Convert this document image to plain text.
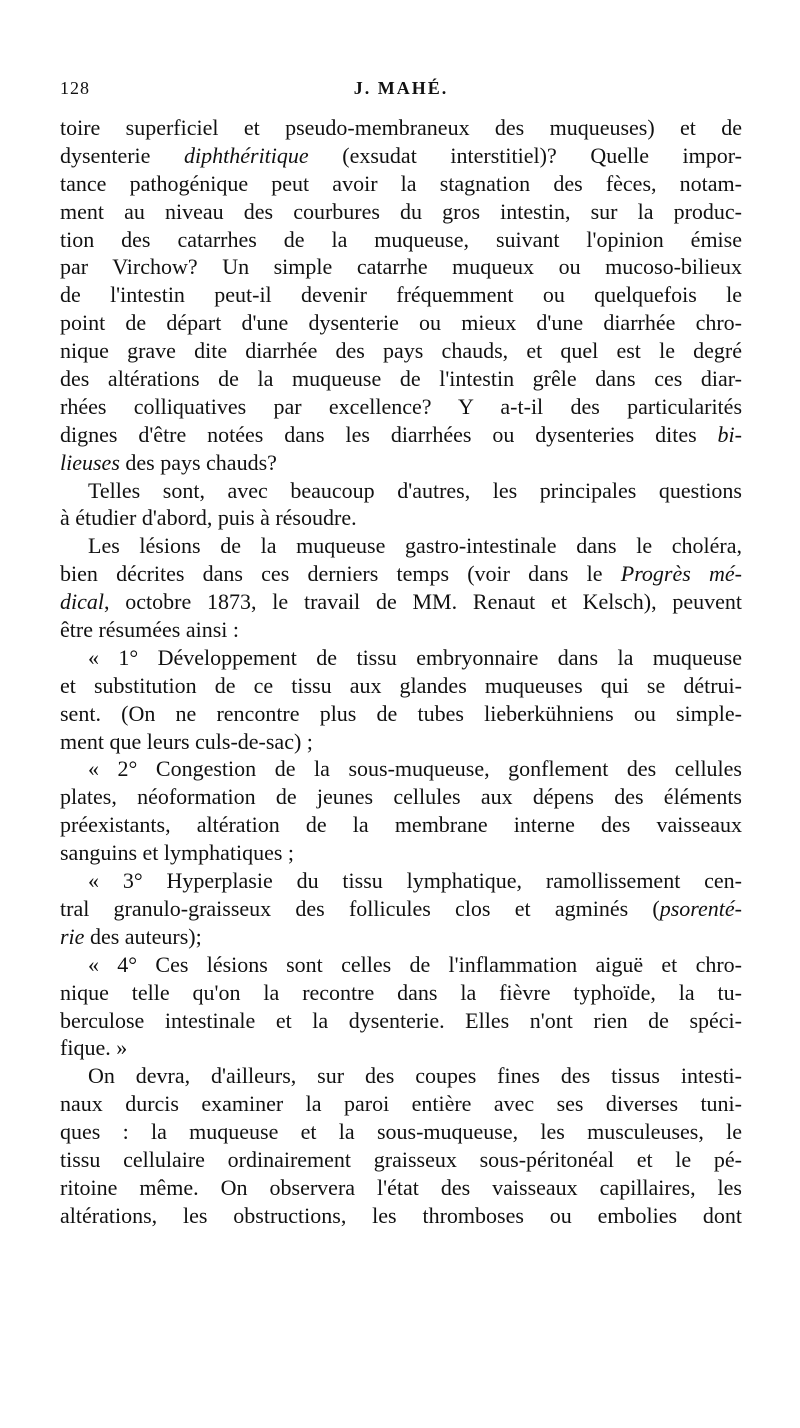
128	J. MAHÉ.
toire superficiel et pseudo-membraneux des muqueuses) et de
dysenterie diphthéritique (exsudat interstitiel)? Quelle impor-
tance pathogénique peut avoir la stagnation des fèces, notam-
ment au niveau des courbures du gros intestin, sur la produc-
tion des catarrhes de la muqueuse, suivant l'opinion émise
par Virchow? Un simple catarrhe muqueux ou mucoso-bilieux
de l'intestin peut-il devenir fréquemment ou quelquefois le
point de départ d'une dysenterie ou mieux d'une diarrhée chro-
nique grave dite diarrhée des pays chauds, et quel est le degré
des altérations de la muqueuse de l'intestin grêle dans ces diar-
rhées colliquatives par excellence? Y a-t-il des particularités
dignes d'être notées dans les diarrhées ou dysenteries dites bi-
lieuses des pays chauds?
Telles sont, avec beaucoup d'autres, les principales questions
à étudier d'abord, puis à résoudre.
Les lésions de la muqueuse gastro-intestinale dans le choléra,
bien décrites dans ces derniers temps (voir dans le Progrès mé-
dical, octobre 1873, le travail de MM. Renaut et Kelsch), peuvent
être résumées ainsi :
« 1° Développement de tissu embryonnaire dans la muqueuse
et substitution de ce tissu aux glandes muqueuses qui se détrui-
sent. (On ne rencontre plus de tubes lieberkühniens ou simple-
ment que leurs culs-de-sac) ;
« 2° Congestion de la sous-muqueuse, gonflement des cellules
plates, néoformation de jeunes cellules aux dépens des éléments
préexistants, altération de la membrane interne des vaisseaux
sanguins et lymphatiques ;
« 3° Hyperplasie du tissu lymphatique, ramollissement cen-
tral granulo-graisseux des follicules clos et agminés (psorenté-
rie des auteurs);
« 4° Ces lésions sont celles de l'inflammation aiguë et chro-
nique telle qu'on la recontre dans la fièvre typhoïde, la tu-
berculose intestinale et la dysenterie. Elles n'ont rien de spéci-
fique. »
On devra, d'ailleurs, sur des coupes fines des tissus intesti-
naux durcis examiner la paroi entière avec ses diverses tuni-
ques : la muqueuse et la sous-muqueuse, les musculeuses, le
tissu cellulaire ordinairement graisseux sous-péritonéal et le pé-
ritoine même. On observera l'état des vaisseaux capillaires, les
altérations, les obstructions, les thromboses ou embolies dont
